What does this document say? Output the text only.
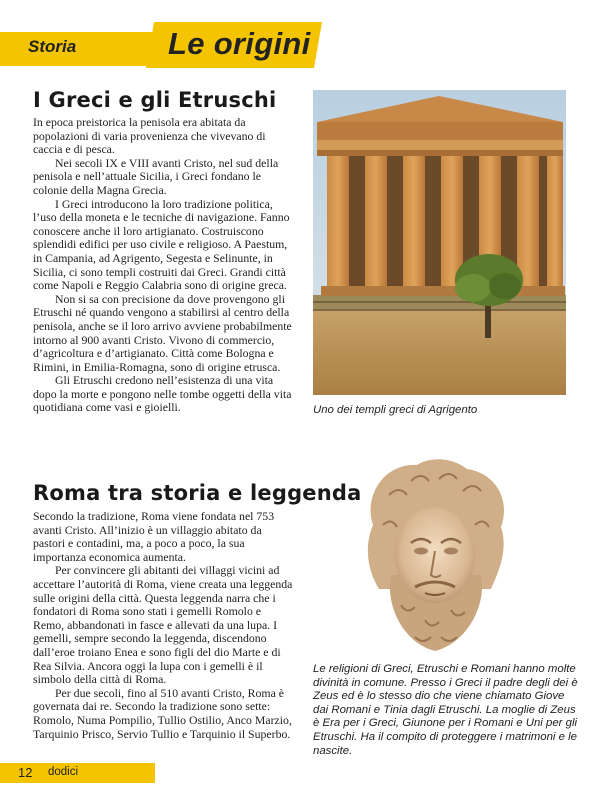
Storia	Le origini
I Greci e gli Etruschi

In epoca preistorica la penisola era abitata da popolazioni di varia provenienza che vivevano di caccia e di pesca.

Nei secoli IX e VIII avanti Cristo, nel sud della penisola e nell’attuale Sicilia, i Greci fondano le colonie della Magna Grecia.

I Greci introducono la loro tradizione politica, l’uso della moneta e le tecniche di navigazione. Fanno conoscere anche il loro artigianato. Costruiscono splendidi edifici per uso civile e religioso. A Paestum, in Campania, ad Agrigento, Segesta e Selinunte, in Sicilia, ci sono templi costruiti dai Greci. Grandi città come Napoli e Reggio Calabria sono di origine greca.

Non si sa con precisione da dove provengono gli Etruschi né quando vengono a stabilirsi al centro della penisola, anche se il loro arrivo avviene probabilmente intorno al 900 avanti Cristo. Vivono di commercio, d’agricoltura e d’artigianato. Città come Bologna e Rimini, in Emilia-Romagna, sono di origine etrusca.

Gli Etruschi credono nell’esistenza di una vita dopo la morte e pongono nelle tombe oggetti della vita quotidiana come vasi e gioielli.	Uno dei templi greci di Agrigento
Roma tra storia e leggenda

Secondo la tradizione, Roma viene fondata nel 753 avanti Cristo. All’inizio è un villaggio abitato da pastori e contadini, ma, a poco a poco, la sua importanza economica aumenta.

Per convincere gli abitanti dei villaggi vicini ad accettare l’autorità di Roma, viene creata una leggenda sulle origini della città. Questa leggenda narra che i fondatori di Roma sono stati i gemelli Romolo e Remo, abbandonati in fasce e allevati da una lupa. I gemelli, sempre secondo la leggenda, discendono dall’eroe troiano Enea e sono figli del dio Marte e di Rea Silvia. Ancora oggi la lupa con i gemelli è il simbolo della città di Roma.

Per due secoli, fino al 510 avanti Cristo, Roma è governata dai re. Secondo la tradizione sono sette: Romolo, Numa Pompilio, Tullio Ostilio, Anco Marzio, Tarquinio Prisco, Servio Tullio e Tarquinio il Superbo.

Le religioni di Greci, Etruschi e Romani hanno molte divinità in comune. Presso i Greci il padre degli dei è Zeus ed è lo stesso dio che viene chiamato Giove dai Romani e Tinia dagli Etruschi. La moglie di Zeus è Era per i Greci, Giunone per i Romani e Uni per gli Etruschi. Ha il compito di proteggere i matrimoni e le nascite.
12 dodici
